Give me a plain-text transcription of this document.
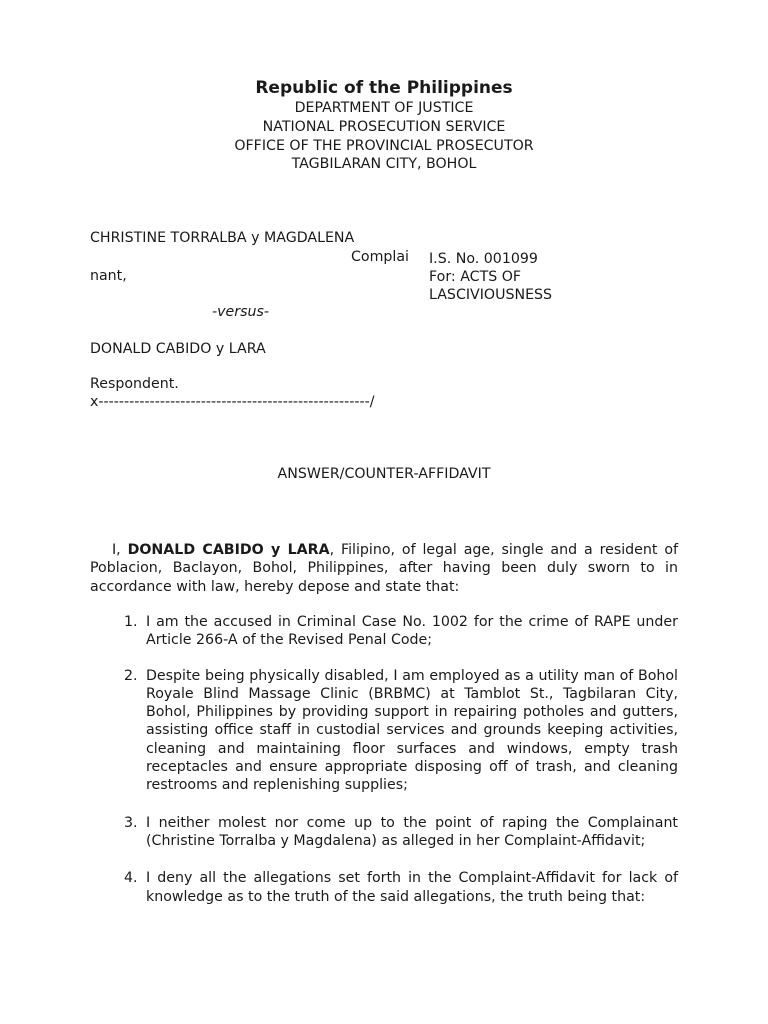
Republic of the Philippines
DEPARTMENT OF JUSTICE
NATIONAL PROSECUTION SERVICE
OFFICE OF THE PROVINCIAL PROSECUTOR
TAGBILARAN CITY, BOHOL
CHRISTINE TORRALBA y MAGDALENA
Complai
nant,
I.S. No. 001099
For: ACTS OF
LASCIVIOUSNESS
-versus-
DONALD CABIDO y LARA
Respondent.
x-----------------------------------------------------/
ANSWER/COUNTER-AFFIDAVIT
I, DONALD CABIDO y LARA, Filipino, of legal age, single and a resident of Poblacion, Baclayon, Bohol, Philippines, after having been duly sworn to in accordance with law, hereby depose and state that:
1. I am the accused in Criminal Case No. 1002 for the crime of RAPE under Article 266-A of the Revised Penal Code;
2. Despite being physically disabled, I am employed as a utility man of Bohol Royale Blind Massage Clinic (BRBMC) at Tamblot St., Tagbilaran City, Bohol, Philippines by providing support in repairing potholes and gutters, assisting office staff in custodial services and grounds keeping activities, cleaning and maintaining floor surfaces and windows, empty trash receptacles and ensure appropriate disposing off of trash, and cleaning restrooms and replenishing supplies;
3. I neither molest nor come up to the point of raping the Complainant (Christine Torralba y Magdalena) as alleged in her Complaint-Affidavit;
4. I deny all the allegations set forth in the Complaint-Affidavit for lack of knowledge as to the truth of the said allegations, the truth being that:
